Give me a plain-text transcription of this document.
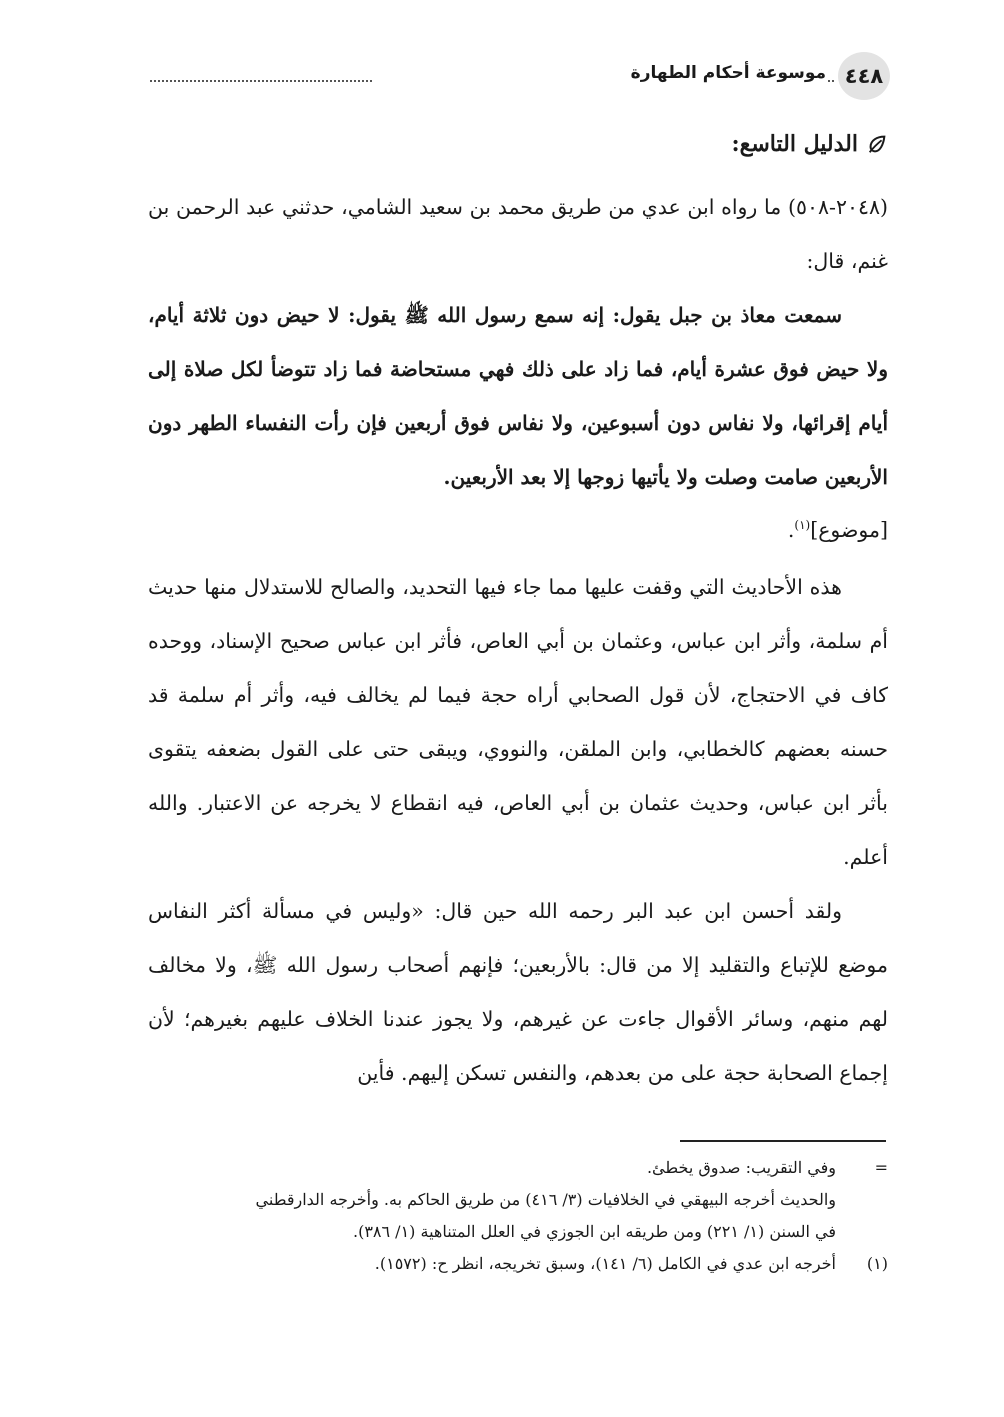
٤٤٨
موسوعة أحكام الطهارة
الدليل التاسع:
(٢٠٤٨-٥٠٨) ما رواه ابن عدي من طريق محمد بن سعيد الشامي، حدثني عبد الرحمن بن غنم، قال:
سمعت معاذ بن جبل يقول: إنه سمع رسول الله ﷺ يقول: لا حيض دون ثلاثة أيام، ولا حيض فوق عشرة أيام، فما زاد على ذلك فهي مستحاضة فما زاد تتوضأ لكل صلاة إلى أيام إقرائها، ولا نفاس دون أسبوعين، ولا نفاس فوق أربعين فإن رأت النفساء الطهر دون الأربعين صامت وصلت ولا يأتيها زوجها إلا بعد الأربعين.
[موضوع]$^{(١)}$.
هذه الأحاديث التي وقفت عليها مما جاء فيها التحديد، والصالح للاستدلال منها حديث أم سلمة، وأثر ابن عباس، وعثمان بن أبي العاص، فأثر ابن عباس صحيح الإسناد، ووحده كاف في الاحتجاج، لأن قول الصحابي أراه حجة فيما لم يخالف فيه، وأثر أم سلمة قد حسنه بعضهم كالخطابي، وابن الملقن، والنووي، ويبقى حتى على القول بضعفه يتقوى بأثر ابن عباس، وحديث عثمان بن أبي العاص، فيه انقطاع لا يخرجه عن الاعتبار. والله أعلم.
ولقد أحسن ابن عبد البر رحمه الله حين قال: «وليس في مسألة أكثر النفاس موضع للإتباع والتقليد إلا من قال: بالأربعين؛ فإنهم أصحاب رسول الله ﷺ، ولا مخالف لهم منهم، وسائر الأقوال جاءت عن غيرهم، ولا يجوز عندنا الخلاف عليهم بغيرهم؛ لأن إجماع الصحابة حجة على من بعدهم، والنفس تسكن إليهم. فأين
=
وفي التقريب: صدوق يخطئ.
والحديث أخرجه البيهقي في الخلافيات (٣/ ٤١٦) من طريق الحاكم به. وأخرجه الدارقطني
في السنن (١/ ٢٢١) ومن طريقه ابن الجوزي في العلل المتناهية (١/ ٣٨٦).
(١)
أخرجه ابن عدي في الكامل (٦/ ١٤١)، وسبق تخريجه، انظر ح: (١٥٧٢).
